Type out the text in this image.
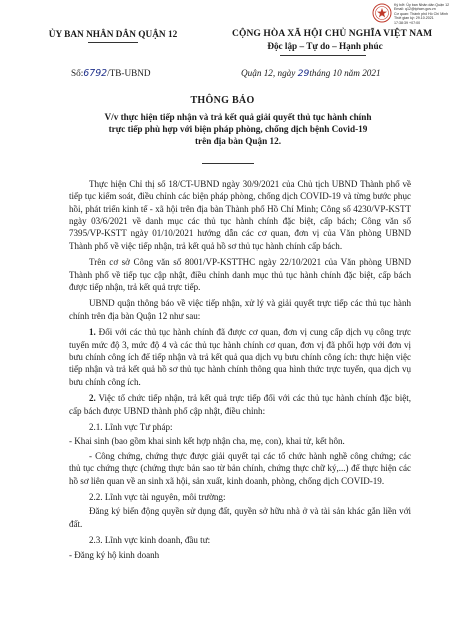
Ký bởi: Ủy ban Nhân dân Quận 12
Email: q12@tphcm.gov.vn
Cơ quan: Thành phố Hồ Chí Minh
Thời gian ký: 29.10.2021
17:38:39 +07:00
ỦY BAN NHÂN DÂN QUẬN 12	CỘNG HÒA XÃ HỘI CHỦ NGHĨA VIỆT NAM
Độc lập – Tự do – Hạnh phúc
Số:6792/TB-UBND	Quận 12, ngày 29tháng 10 năm 2021
THÔNG BÁO
V/v thực hiện tiếp nhận và trả kết quả giải quyết thủ tục hành chính
trực tiếp phù hợp với biện pháp phòng, chống dịch bệnh Covid-19
trên địa bàn Quận 12.

Thực hiện Chỉ thị số 18/CT-UBND ngày 30/9/2021 của Chủ tịch UBND Thành phố về tiếp tục kiểm soát, điều chỉnh các biện pháp phòng, chống dịch COVID-19 và từng bước phục hồi, phát triển kinh tế - xã hội trên địa bàn Thành phố Hồ Chí Minh; Công số 4230/VP-KSTT ngày 03/6/2021 về danh mục các thủ tục hành chính đặc biệt, cấp bách; Công văn số 7395/VP-KSTT ngày 01/10/2021 hướng dẫn các cơ quan, đơn vị của Văn phòng UBND Thành phố về việc tiếp nhận, trả kết quả hồ sơ thủ tục hành chính cấp bách.

Trên cơ sở Công văn số 8001/VP-KSTTHC ngày 22/10/2021 của Văn phòng UBND Thành phố về tiếp tục cập nhật, điều chỉnh danh mục thủ tục hành chính đặc biệt, cấp bách được tiếp nhận, trả kết quả trực tiếp.

UBND quận thông báo về việc tiếp nhận, xử lý và giải quyết trực tiếp các thủ tục hành chính trên địa bàn Quận 12 như sau:

1. Đối với các thủ tục hành chính đã được cơ quan, đơn vị cung cấp dịch vụ công trực tuyến mức độ 3, mức độ 4 và các thủ tục hành chính cơ quan, đơn vị đã phối hợp với đơn vị bưu chính công ích để tiếp nhận và trả kết quả qua dịch vụ bưu chính công ích: thực hiện việc tiếp nhận và trả kết quả hồ sơ thủ tục hành chính thông qua hình thức trực tuyến, qua dịch vụ bưu chính công ích.

2. Việc tổ chức tiếp nhận, trả kết quả trực tiếp đối với các thủ tục hành chính đặc biệt, cấp bách được UBND thành phố cập nhật, điều chỉnh:

2.1. Lĩnh vực Tư pháp:

- Khai sinh (bao gồm khai sinh kết hợp nhận cha, mẹ, con), khai tử, kết hôn.

- Công chứng, chứng thực được giải quyết tại các tổ chức hành nghề công chứng; các thủ tục chứng thực (chứng thực bản sao từ bản chính, chứng thực chữ ký,...) để thực hiện các hồ sơ liên quan về an sinh xã hội, sản xuất, kinh doanh, phòng, chống dịch COVID-19.

2.2. Lĩnh vực tài nguyên, môi trường:

Đăng ký biến động quyền sử dụng đất, quyền sở hữu nhà ở và tài sản khác gắn liền với đất.

2.3. Lĩnh vực kinh doanh, đầu tư:

- Đăng ký hộ kinh doanh
